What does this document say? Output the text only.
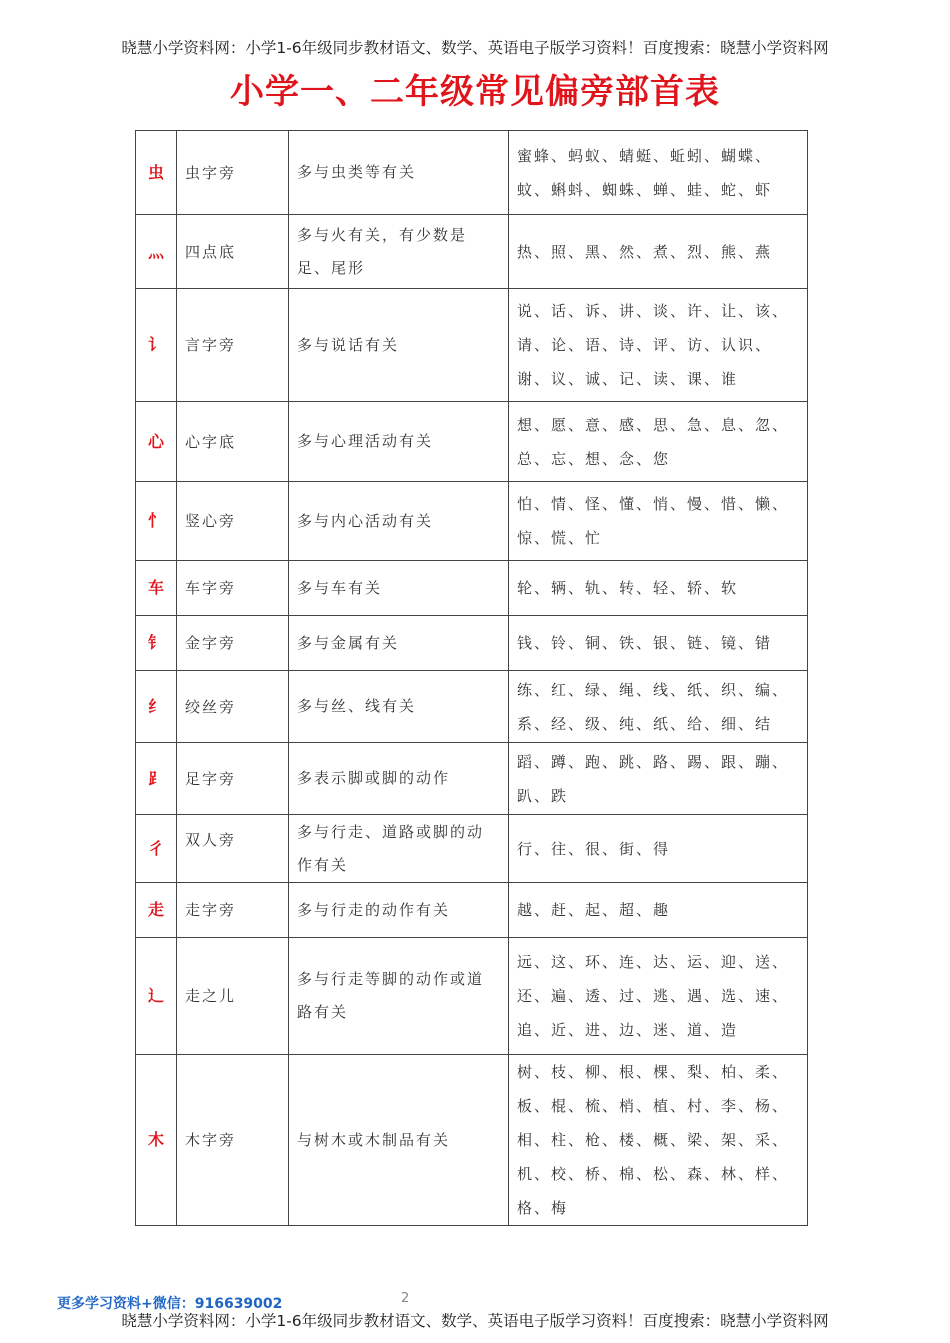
晓慧小学资料网：小学1-6年级同步教材语文、数学、英语电子版学习资料！百度搜索：晓慧小学资料网
小学一、二年级常见偏旁部首表
虫	虫字旁	多与虫类等有关	蜜蜂、蚂蚁、蜻蜓、蚯蚓、蝴蝶、蚊、蝌蚪、蜘蛛、蝉、蛙、蛇、虾
灬	四点底	多与火有关，有少数是足、尾形	热、照、黑、然、煮、烈、熊、燕
讠	言字旁	多与说话有关	说、话、诉、讲、谈、许、让、该、请、论、语、诗、评、访、认识、谢、议、诚、记、读、课、谁
心	心字底	多与心理活动有关	想、愿、意、感、思、急、息、忽、总、忘、想、念、您
忄	竖心旁	多与内心活动有关	怕、情、怪、懂、悄、慢、惜、懒、惊、慌、忙
车	车字旁	多与车有关	轮、辆、轨、转、轻、轿、软
钅	金字旁	多与金属有关	钱、铃、铜、铁、银、链、镜、错
纟	绞丝旁	多与丝、线有关	练、红、绿、绳、线、纸、织、编、系、经、级、纯、纸、给、细、结
⻊	足字旁	多表示脚或脚的动作	蹈、蹲、跑、跳、路、踢、跟、蹦、趴、跌
彳	双人旁	多与行走、道路或脚的动作有关	行、往、很、街、得
走	走字旁	多与行走的动作有关	越、赶、起、超、趣
辶	走之儿	多与行走等脚的动作或道路有关	远、这、环、连、达、运、迎、送、还、遍、透、过、逃、遇、选、速、追、近、进、边、迷、道、造
木	木字旁	与树木或木制品有关	树、枝、柳、根、棵、梨、柏、柔、板、棍、梳、梢、植、村、李、杨、相、柱、枪、楼、概、梁、架、采、机、校、桥、棉、松、森、林、样、格、梅
更多学习资料+微信：916639002	2
晓慧小学资料网：小学1-6年级同步教材语文、数学、英语电子版学习资料！百度搜索：晓慧小学资料网
